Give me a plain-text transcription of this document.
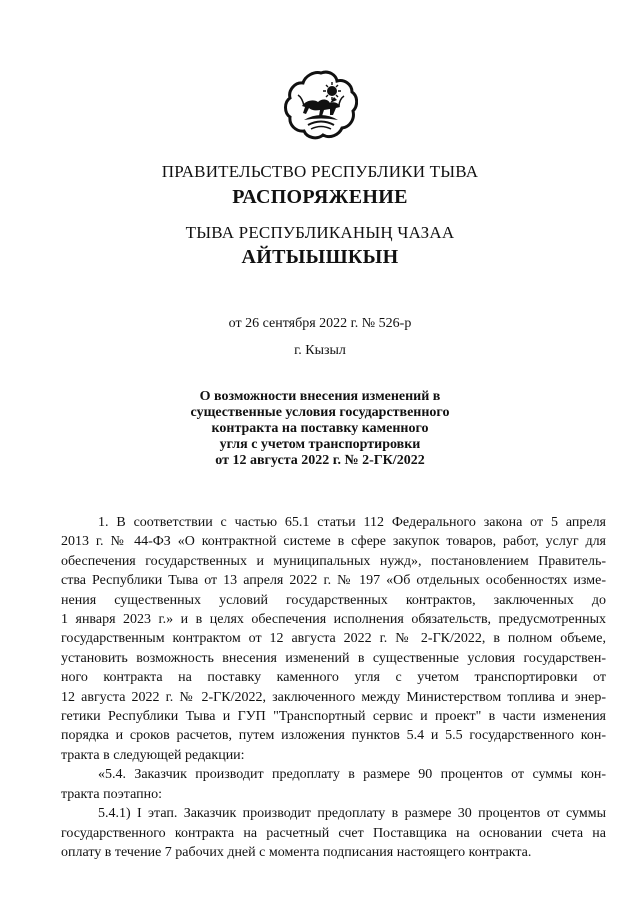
ПРАВИТЕЛЬСТВО РЕСПУБЛИКИ ТЫВА
РАСПОРЯЖЕНИЕ
ТЫВА РЕСПУБЛИКАНЫҢ ЧАЗАА
АЙТЫЫШКЫН
от 26 сентября 2022 г. № 526-р
г. Кызыл
О возможности внесения изменений в
существенные условия государственного
контракта на поставку каменного
угля с учетом транспортировки
от 12 августа 2022 г. № 2-ГК/2022
1. В соответствии с частью 65.1 статьи 112 Федерального закона от 5 апреля
2013 г. № 44-ФЗ «О контрактной системе в сфере закупок товаров, работ, услуг для
обеспечения государственных и муниципальных нужд», постановлением Правитель-
ства Республики Тыва от 13 апреля 2022 г. № 197 «Об отдельных особенностях изме-
нения существенных условий государственных контрактов, заключенных до
1 января 2023 г.» и в целях обеспечения исполнения обязательств, предусмотренных
государственным контрактом от 12 августа 2022 г. № 2-ГК/2022, в полном объеме,
установить возможность внесения изменений в существенные условия государствен-
ного контракта на поставку каменного угля с учетом транспортировки от
12 августа 2022 г. № 2-ГК/2022, заключенного между Министерством топлива и энер-
гетики Республики Тыва и ГУП "Транспортный сервис и проект" в части изменения
порядка и сроков расчетов, путем изложения пунктов 5.4 и 5.5 государственного кон-
тракта в следующей редакции:
«5.4. Заказчик производит предоплату в размере 90 процентов от суммы кон-
тракта поэтапно:
5.4.1) I этап. Заказчик производит предоплату в размере 30 процентов от суммы
государственного контракта на расчетный счет Поставщика на основании счета на
оплату в течение 7 рабочих дней с момента подписания настоящего контракта.
